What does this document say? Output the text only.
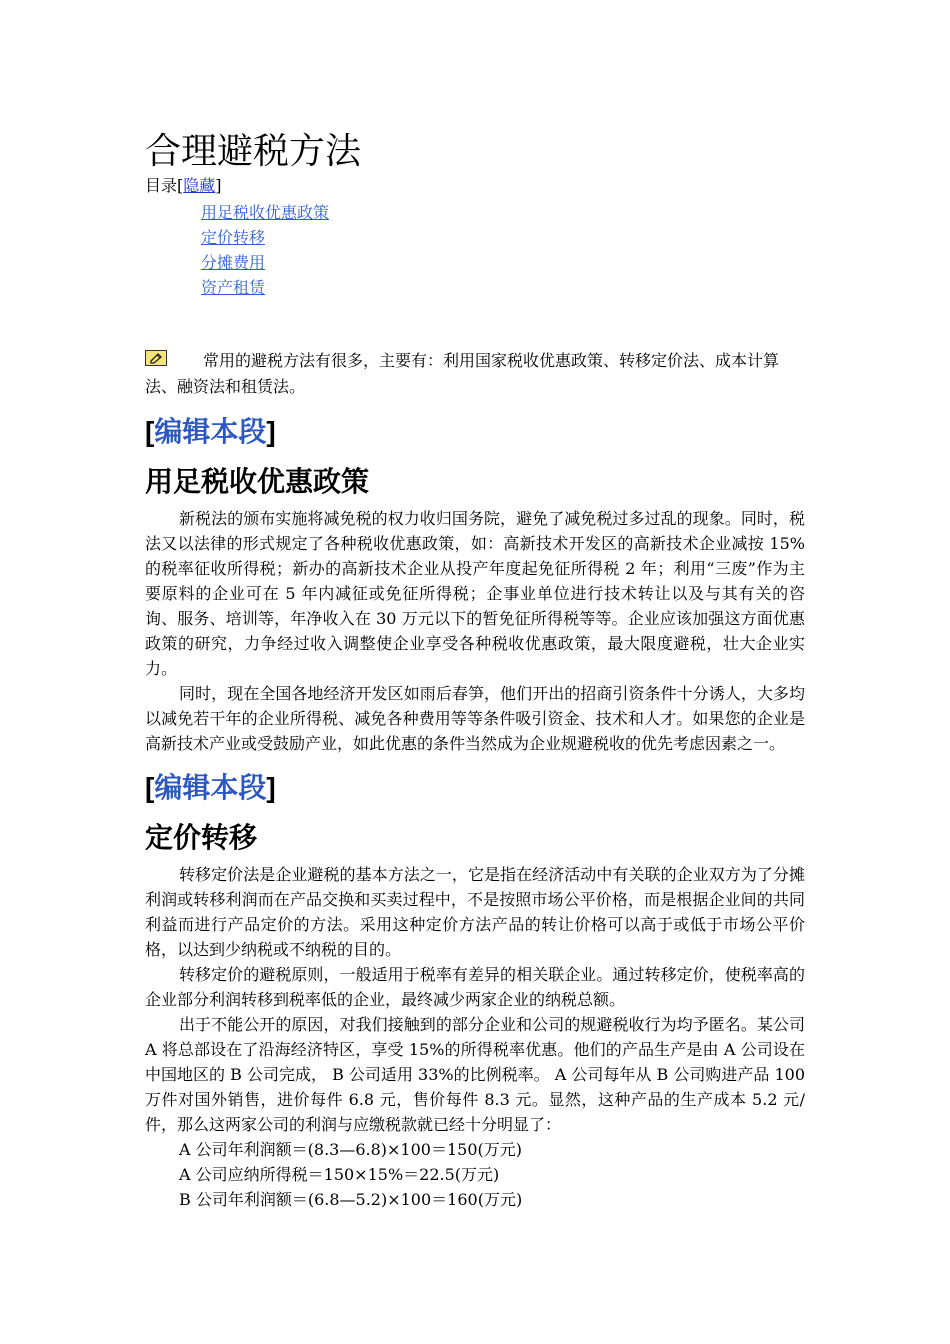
合理避税方法
目录[隐藏]
用足税收优惠政策
定价转移
分摊费用
资产租赁

常用的避税方法有很多，主要有：利用国家税收优惠政策、转移定价法、成本计算法、融资法和租赁法。

[编辑本段]
用足税收优惠政策

新税法的颁布实施将减免税的权力收归国务院，避免了减免税过多过乱的现象。同时，税法又以法律的形式规定了各种税收优惠政策，如：高新技术开发区的高新技术企业减按 15%的税率征收所得税；新办的高新技术企业从投产年度起免征所得税 2 年；利用“三废”作为主要原料的企业可在 5 年内减征或免征所得税；企事业单位进行技术转让以及与其有关的咨询、服务、培训等，年净收入在 30 万元以下的暂免征所得税等等。企业应该加强这方面优惠政策的研究，力争经过收入调整使企业享受各种税收优惠政策，最大限度避税，壮大企业实力。

同时，现在全国各地经济开发区如雨后春笋，他们开出的招商引资条件十分诱人，大多均以减免若干年的企业所得税、减免各种费用等等条件吸引资金、技术和人才。如果您的企业是高新技术产业或受鼓励产业，如此优惠的条件当然成为企业规避税收的优先考虑因素之一。

[编辑本段]
定价转移

转移定价法是企业避税的基本方法之一，它是指在经济活动中有关联的企业双方为了分摊利润或转移利润而在产品交换和买卖过程中，不是按照市场公平价格，而是根据企业间的共同利益而进行产品定价的方法。采用这种定价方法产品的转让价格可以高于或低于市场公平价格，以达到少纳税或不纳税的目的。

转移定价的避税原则，一般适用于税率有差异的相关联企业。通过转移定价，使税率高的企业部分利润转移到税率低的企业，最终减少两家企业的纳税总额。

出于不能公开的原因，对我们接触到的部分企业和公司的规避税收行为均予匿名。某公司 A 将总部设在了沿海经济特区，享受 15%的所得税率优惠。他们的产品生产是由 A 公司设在中国地区的 B 公司完成， B 公司适用 33%的比例税率。 A 公司每年从 B 公司购进产品 100 万件对国外销售，进价每件 6.8 元，售价每件 8.3 元。显然，这种产品的生产成本 5.2 元/件，那么这两家公司的利润与应缴税款就已经十分明显了：

A 公司年利润额＝(8.3—6.8)×100＝150(万元)

A 公司应纳所得税＝150×15%＝22.5(万元)

B 公司年利润额＝(6.8—5.2)×100＝160(万元)
